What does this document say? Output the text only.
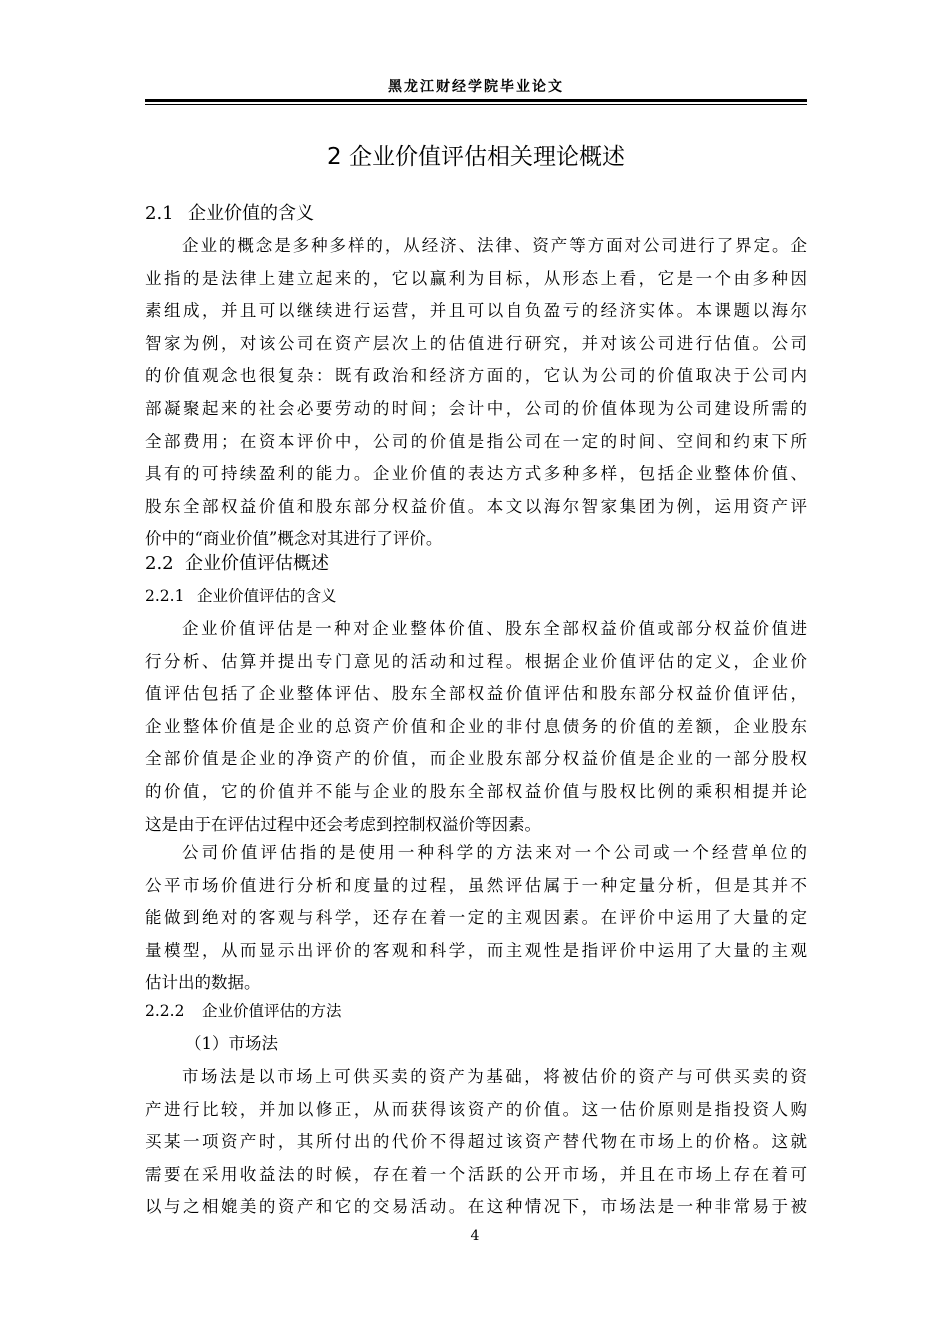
黑龙江财经学院毕业论文
2 企业价值评估相关理论概述
2.1 企业价值的含义
企业的概念是多种多样的，从经济、法律、资产等方面对公司进行了界定。企
业指的是法律上建立起来的，它以赢利为目标，从形态上看，它是一个由多种因
素组成，并且可以继续进行运营，并且可以自负盈亏的经济实体。本课题以海尔
智家为例，对该公司在资产层次上的估值进行研究，并对该公司进行估值。公司
的价值观念也很复杂：既有政治和经济方面的，它认为公司的价值取决于公司内
部凝聚起来的社会必要劳动的时间；会计中，公司的价值体现为公司建设所需的
全部费用；在资本评价中，公司的价值是指公司在一定的时间、空间和约束下所
具有的可持续盈利的能力。企业价值的表达方式多种多样，包括企业整体价值、
股东全部权益价值和股东部分权益价值。本文以海尔智家集团为例，运用资产评
价中的“商业价值”概念对其进行了评价。
2.2 企业价值评估概述
2.2.1 企业价值评估的含义
企业价值评估是一种对企业整体价值、股东全部权益价值或部分权益价值进
行分析、估算并提出专门意见的活动和过程。根据企业价值评估的定义，企业价
值评估包括了企业整体评估、股东全部权益价值评估和股东部分权益价值评估，
企业整体价值是企业的总资产价值和企业的非付息债务的价值的差额，企业股东
全部价值是企业的净资产的价值，而企业股东部分权益价值是企业的一部分股权
的价值，它的价值并不能与企业的股东全部权益价值与股权比例的乘积相提并论
这是由于在评估过程中还会考虑到控制权溢价等因素。
公司价值评估指的是使用一种科学的方法来对一个公司或一个经营单位的
公平市场价值进行分析和度量的过程，虽然评估属于一种定量分析，但是其并不
能做到绝对的客观与科学，还存在着一定的主观因素。在评价中运用了大量的定
量模型，从而显示出评价的客观和科学，而主观性是指评价中运用了大量的主观
估计出的数据。
2.2.2 企业价值评估的方法
（1）市场法
市场法是以市场上可供买卖的资产为基础，将被估价的资产与可供买卖的资
产进行比较，并加以修正，从而获得该资产的价值。这一估价原则是指投资人购
买某一项资产时，其所付出的代价不得超过该资产替代物在市场上的价格。这就
需要在采用收益法的时候，存在着一个活跃的公开市场，并且在市场上存在着可
以与之相媲美的资产和它的交易活动。在这种情况下，市场法是一种非常易于被
4
